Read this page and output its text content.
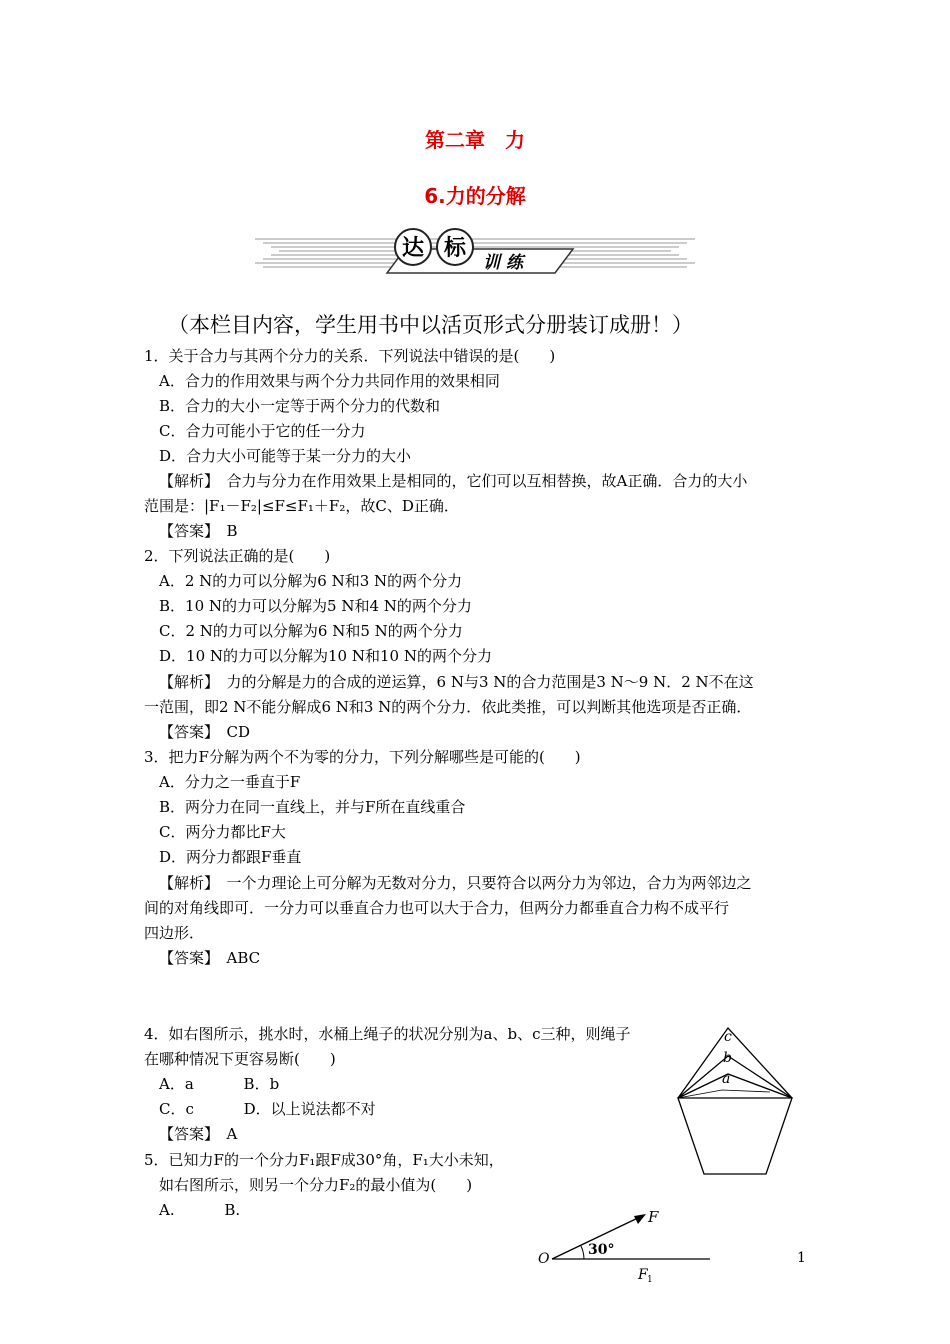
第二章　力
6.力的分解
达 标
训 练
（本栏目内容，学生用书中以活页形式分册装订成册！）
1．关于合力与其两个分力的关系．下列说法中错误的是(　　)
A．合力的作用效果与两个分力共同作用的效果相同
B．合力的大小一定等于两个分力的代数和
C．合力可能小于它的任一分力
D．合力大小可能等于某一分力的大小
【解析】　合力与分力在作用效果上是相同的，它们可以互相替换，故A正确．合力的大小
范围是：|F₁－F₂|≤F≤F₁＋F₂，故C、D正确．
【答案】　B
2．下列说法正确的是(　　)
A．2 N的力可以分解为6 N和3 N的两个分力
B．10 N的力可以分解为5 N和4 N的两个分力
C．2 N的力可以分解为6 N和5 N的两个分力
D．10 N的力可以分解为10 N和10 N的两个分力
【解析】　力的分解是力的合成的逆运算，6 N与3 N的合力范围是3 N～9 N．2 N不在这
一范围，即2 N不能分解成6 N和3 N的两个分力．依此类推，可以判断其他选项是否正确．
【答案】　CD
3．把力F分解为两个不为零的分力，下列分解哪些是可能的(　　)
A．分力之一垂直于F
B．两分力在同一直线上，并与F所在直线重合
C．两分力都比F大
D．两分力都跟F垂直
【解析】　一个力理论上可分解为无数对分力，只要符合以两分力为邻边，合力为两邻边之
间的对角线即可．一分力可以垂直合力也可以大于合力，但两分力都垂直合力构不成平行
四边形．
【答案】　ABC
4．如右图所示，挑水时，水桶上绳子的状况分别为a、b、c三种，则绳子
在哪种情况下更容易断(　　)
A．a　　　 B．b
C．c　　　 D．以上说法都不对
【答案】　A
c
b
a
5．已知力F的一个分力F₁跟F成30°角，F₁大小未知，
如右图所示，则另一个分力F₂的最小值为(　　)
A.　　　 B.
O
30°
F
F 1
1
